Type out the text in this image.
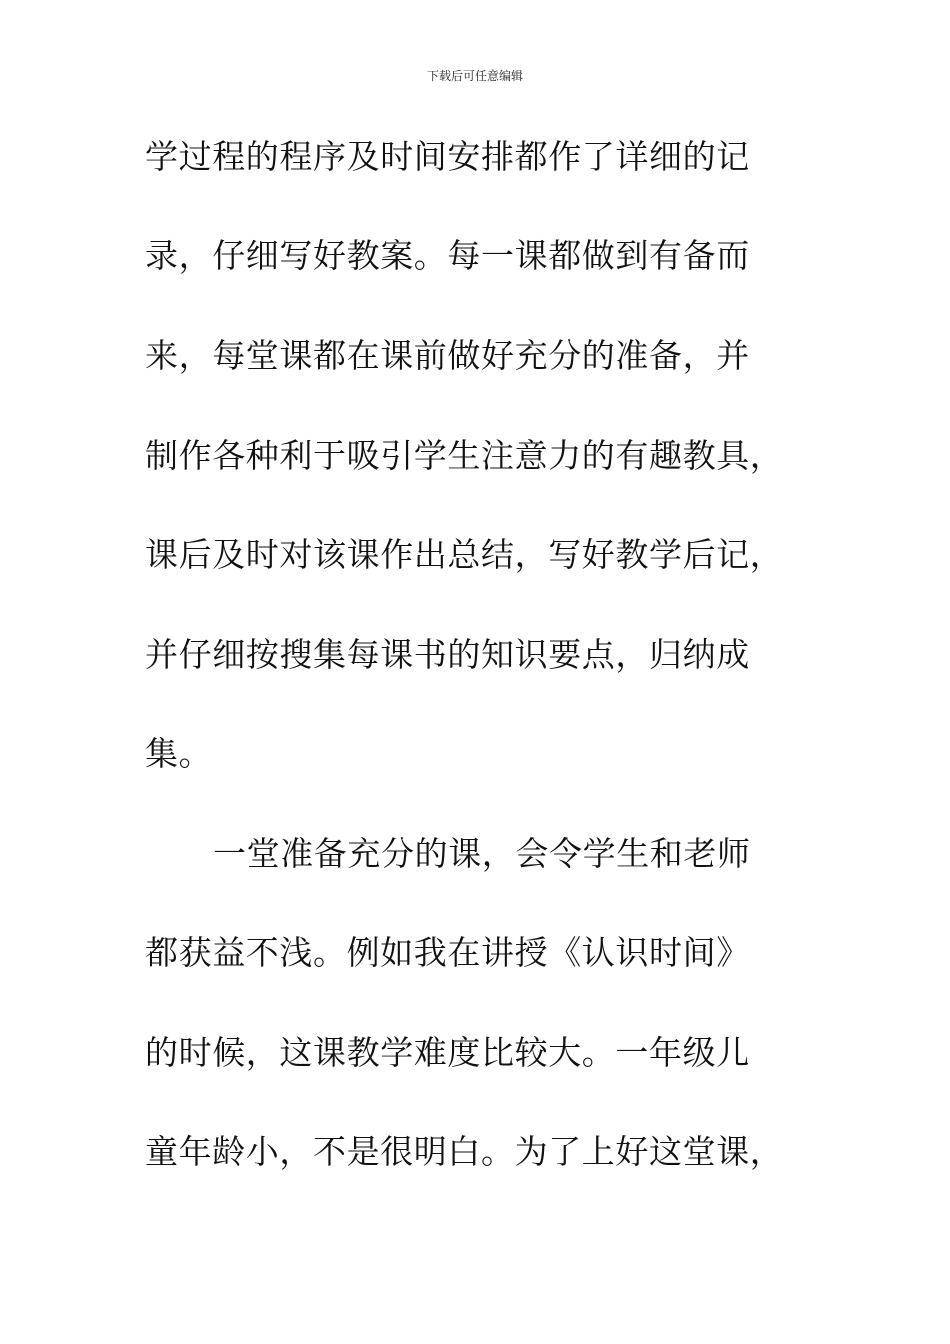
下载后可任意编辑
学过程的程序及时间安排都作了详细的记
录，仔细写好教案。每一课都做到有备而
来，每堂课都在课前做好充分的准备，并
制作各种利于吸引学生注意力的有趣教具，
课后及时对该课作出总结，写好教学后记，
并仔细按搜集每课书的知识要点，归纳成
集。
一堂准备充分的课，会令学生和老师
都获益不浅。例如我在讲授《认识时间》
的时候，这课教学难度比较大。一年级儿
童年龄小，不是很明白。为了上好这堂课，
